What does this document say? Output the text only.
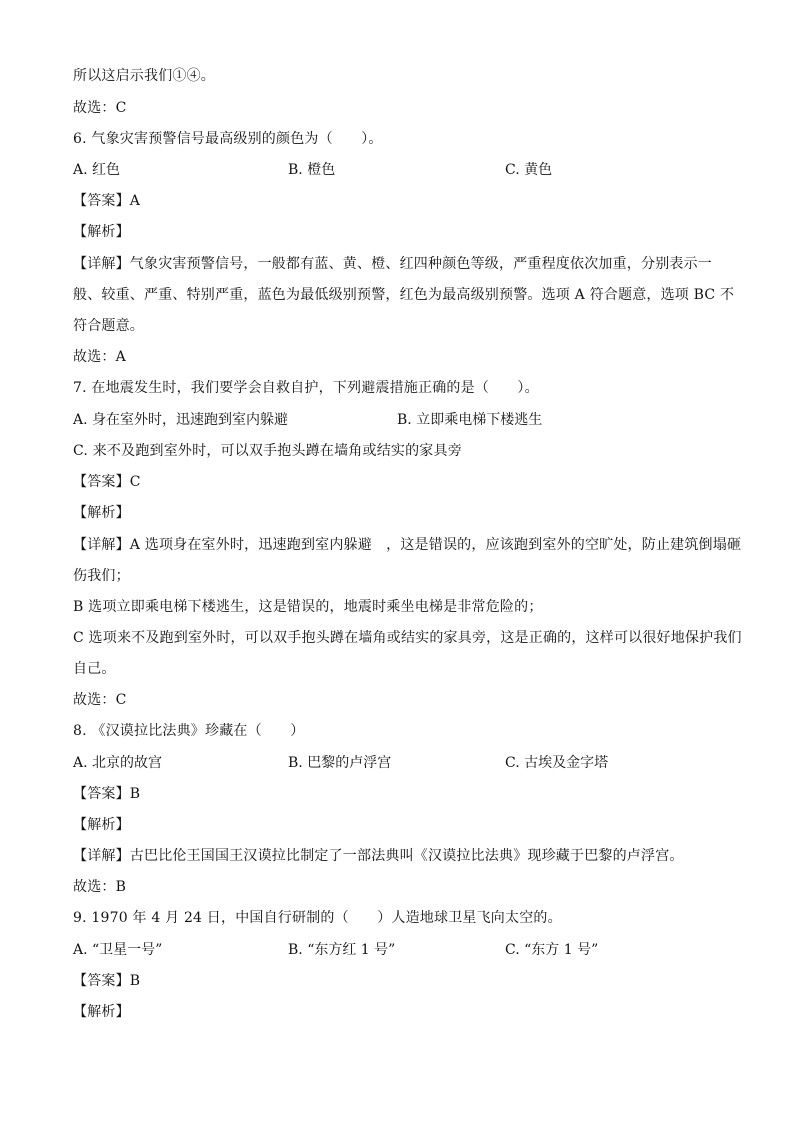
所以这启示我们①④。
故选：C
6. 气象灾害预警信号最高级别的颜色为（　　）。
A. 红色	B. 橙色	C. 黄色
【答案】A
【解析】
【详解】气象灾害预警信号，一般都有蓝、黄、橙、红四种颜色等级，严重程度依次加重，分别表示一
般、较重、严重、特别严重，蓝色为最低级别预警，红色为最高级别预警。选项 A 符合题意，选项 BC 不
符合题意。
故选：A
7. 在地震发生时，我们要学会自救自护，下列避震措施正确的是（　　）。
A. 身在室外时，迅速跑到室内躲避	B. 立即乘电梯下楼逃生
C. 来不及跑到室外时，可以双手抱头蹲在墙角或结实的家具旁
【答案】C
【解析】
【详解】A 选项身在室外时，迅速跑到室内躲避　，这是错误的，应该跑到室外的空旷处，防止建筑倒塌砸
伤我们；
B 选项立即乘电梯下楼逃生，这是错误的，地震时乘坐电梯是非常危险的；
C 选项来不及跑到室外时，可以双手抱头蹲在墙角或结实的家具旁，这是正确的，这样可以很好地保护我们
自己。
故选：C
8. 《汉谟拉比法典》珍藏在（　　）
A. 北京的故宫	B. 巴黎的卢浮宫	C. 古埃及金字塔
【答案】B
【解析】
【详解】古巴比伦王国国王汉谟拉比制定了一部法典叫《汉谟拉比法典》现珍藏于巴黎的卢浮宫。
故选：B
9. 1970 年 4 月 24 日，中国自行研制的（　　）人造地球卫星飞向太空的。
A. “卫星一号”	B. “东方红 1 号”	C. “东方 1 号”
【答案】B
【解析】
